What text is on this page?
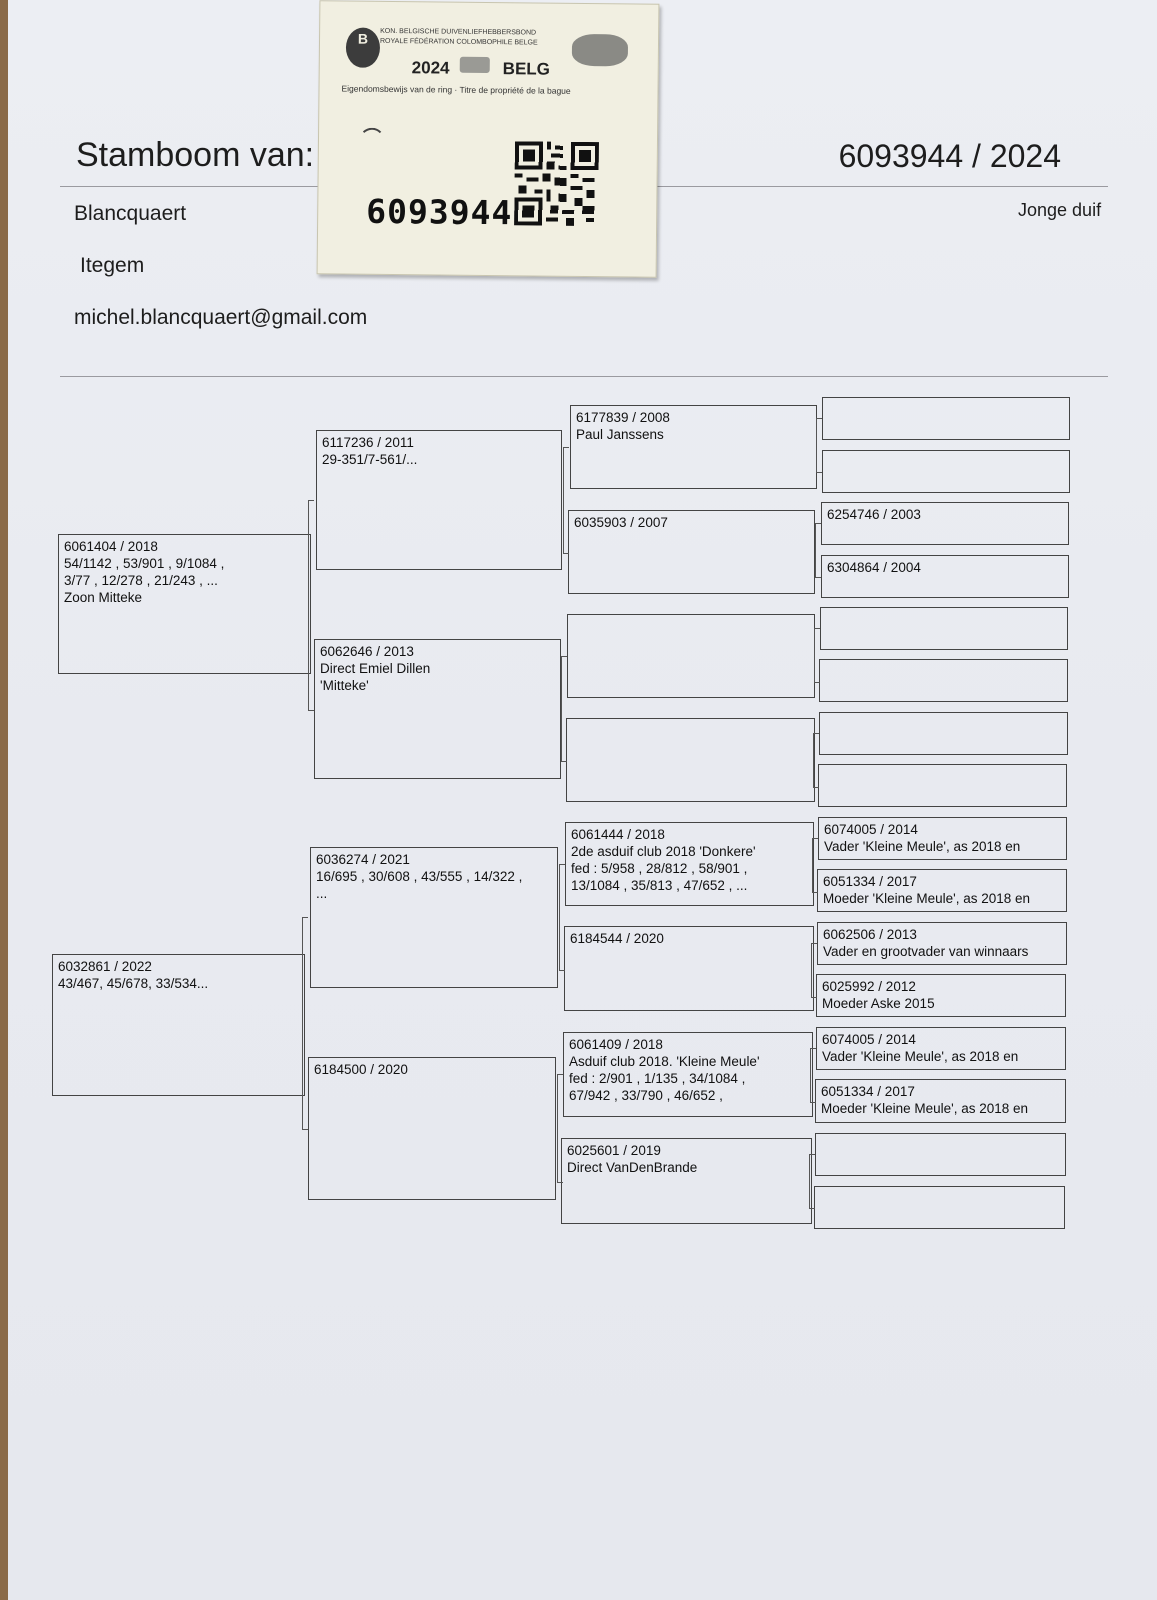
Stamboom van:	6093944 / 2024
Blancquaert	Jonge duif
Itegem
michel.blancquaert@gmail.com
6061404 / 2018
54/1142 , 53/901 , 9/1084 ,
3/77 , 12/278 , 21/243 , ...
Zoon Mitteke
6032861 / 2022
43/467, 45/678, 33/534...
6117236 / 2011
29-351/7-561/...
6062646 / 2013
Direct Emiel Dillen
'Mitteke'
6036274 / 2021
16/695 , 30/608 , 43/555 , 14/322 ,
...
6184500 / 2020
6177839 / 2008
Paul Janssens
6035903 / 2007
6061444 / 2018
2de asduif club 2018 'Donkere'
fed : 5/958 , 28/812 , 58/901 ,
13/1084 , 35/813 , 47/652 , ...
6184544 / 2020
6061409 / 2018
Asduif club 2018. 'Kleine Meule'
fed : 2/901 , 1/135 , 34/1084 ,
67/942 , 33/790 , 46/652 ,
6025601 / 2019
Direct VanDenBrande
6254746 / 2003
6304864 / 2004
6074005 / 2014
Vader 'Kleine Meule', as 2018 en
6051334 / 2017
Moeder 'Kleine Meule', as 2018 en
6062506 / 2013
Vader en grootvader van winnaars
6025992 / 2012
Moeder Aske 2015
6074005 / 2014
Vader 'Kleine Meule', as 2018 en
6051334 / 2017
Moeder 'Kleine Meule', as 2018 en
B	KON. BELGISCHE DUIVENLIEFHEBBERSBOND
ROYALE FÉDÉRATION COLOMBOPHILE BELGE
2024	BELG
Eigendomsbewijs van de ring · Titre de propriété de la bague
6093944
